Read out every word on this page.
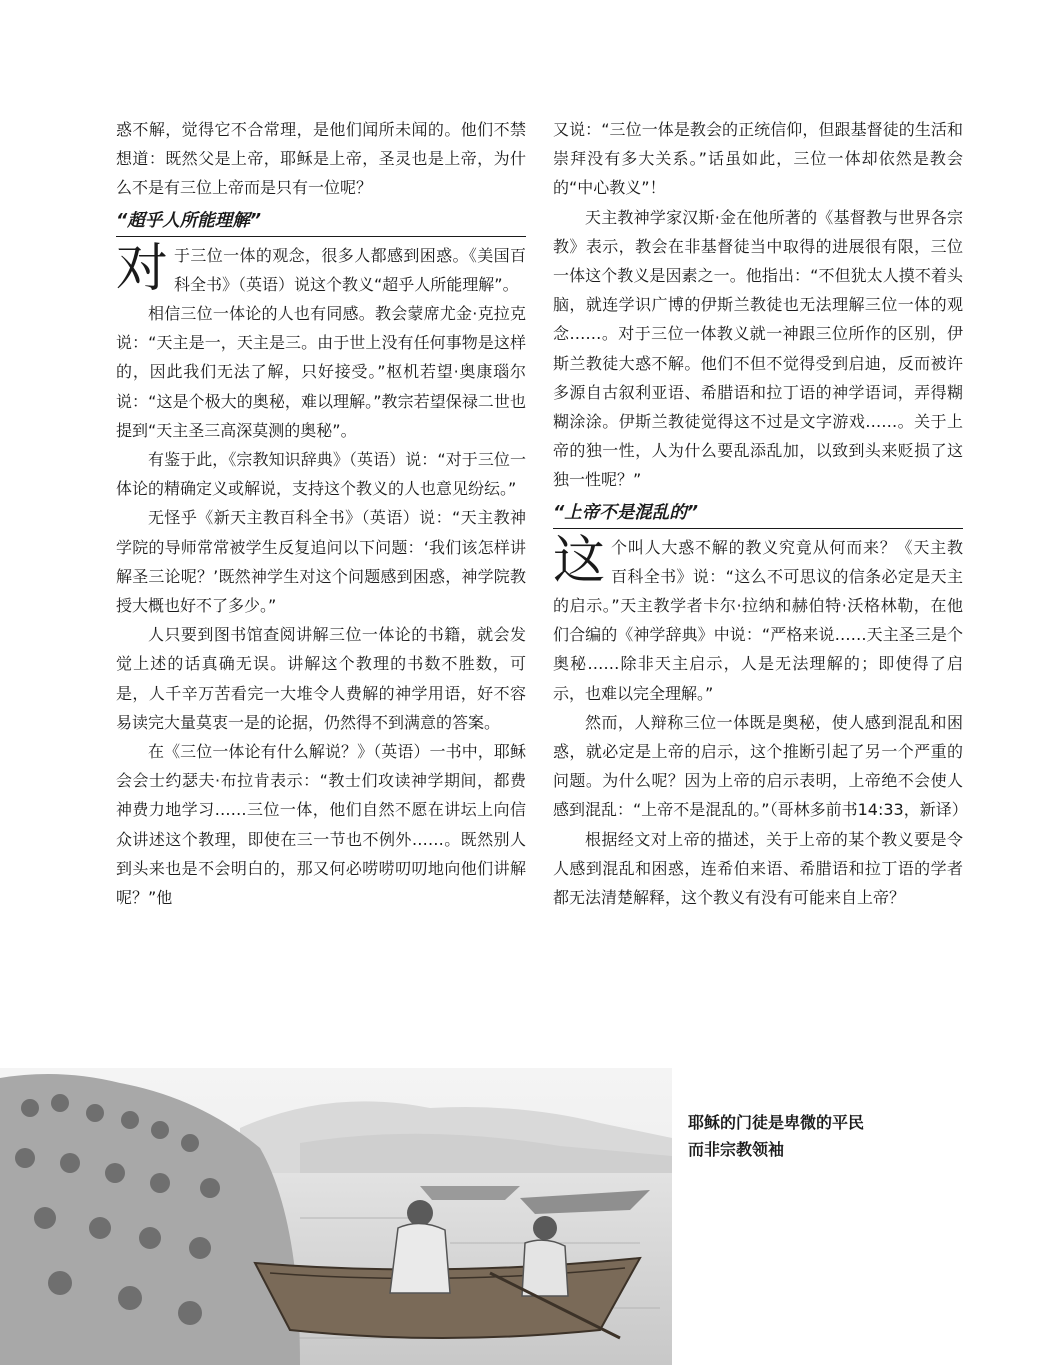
惑不解，觉得它不合常理，是他们闻所未闻的。他们不禁想道：既然父是上帝，耶稣是上帝，圣灵也是上帝，为什么不是有三位上帝而是只有一位呢？

“超乎人所能理解”

对于三位一体的观念，很多人都感到困惑。《美国百科全书》（英语）说这个教义“超乎人所能理解”。

相信三位一体论的人也有同感。教会蒙席尤金·克拉克说：“天主是一，天主是三。由于世上没有任何事物是这样的，因此我们无法了解，只好接受。”枢机若望·奥康瑙尔说：“这是个极大的奥秘，难以理解。”教宗若望保禄二世也提到“天主圣三高深莫测的奥秘”。

有鉴于此，《宗教知识辞典》（英语）说：“对于三位一体论的精确定义或解说，支持这个教义的人也意见纷纭。”

无怪乎《新天主教百科全书》（英语）说：“天主教神学院的导师常常被学生反复追问以下问题：‘我们该怎样讲解圣三论呢？’既然神学生对这个问题感到困惑，神学院教授大概也好不了多少。”

人只要到图书馆查阅讲解三位一体论的书籍，就会发觉上述的话真确无误。讲解这个教理的书数不胜数，可是，人千辛万苦看完一大堆令人费解的神学用语，好不容易读完大量莫衷一是的论据，仍然得不到满意的答案。

在《三位一体论有什么解说？》（英语）一书中，耶稣会会士约瑟夫·布拉肯表示：“教士们攻读神学期间，都费神费力地学习……三位一体，他们自然不愿在讲坛上向信众讲述这个教理，即使在三一节也不例外……。既然别人到头来也是不会明白的，那又何必唠唠叨叨地向他们讲解呢？”他

又说：“三位一体是教会的正统信仰，但跟基督徒的生活和崇拜没有多大关系。”话虽如此，三位一体却依然是教会的“中心教义”！

天主教神学家汉斯·金在他所著的《基督教与世界各宗教》表示，教会在非基督徒当中取得的进展很有限，三位一体这个教义是因素之一。他指出：“不但犹太人摸不着头脑，就连学识广博的伊斯兰教徒也无法理解三位一体的观念……。对于三位一体教义就一神跟三位所作的区别，伊斯兰教徒大惑不解。他们不但不觉得受到启迪，反而被许多源自古叙利亚语、希腊语和拉丁语的神学语词，弄得糊糊涂涂。伊斯兰教徒觉得这不过是文字游戏……。关于上帝的独一性，人为什么要乱添乱加，以致到头来贬损了这独一性呢？”

“上帝不是混乱的”

这个叫人大惑不解的教义究竟从何而来？《天主教百科全书》说：“这么不可思议的信条必定是天主的启示。”天主教学者卡尔·拉纳和赫伯特·沃格林勒，在他们合编的《神学辞典》中说：“严格来说……天主圣三是个奥秘……除非天主启示，人是无法理解的；即使得了启示，也难以完全理解。”

然而，人辩称三位一体既是奥秘，使人感到混乱和困惑，就必定是上帝的启示，这个推断引起了另一个严重的问题。为什么呢？因为上帝的启示表明，上帝绝不会使人感到混乱：“上帝不是混乱的。”（哥林多前书14:33，新译）

根据经文对上帝的描述，关于上帝的某个教义要是令人感到混乱和困惑，连希伯来语、希腊语和拉丁语的学者都无法清楚解释，这个教义有没有可能来自上帝？

耶稣的门徒是卑微的平民
而非宗教领袖
